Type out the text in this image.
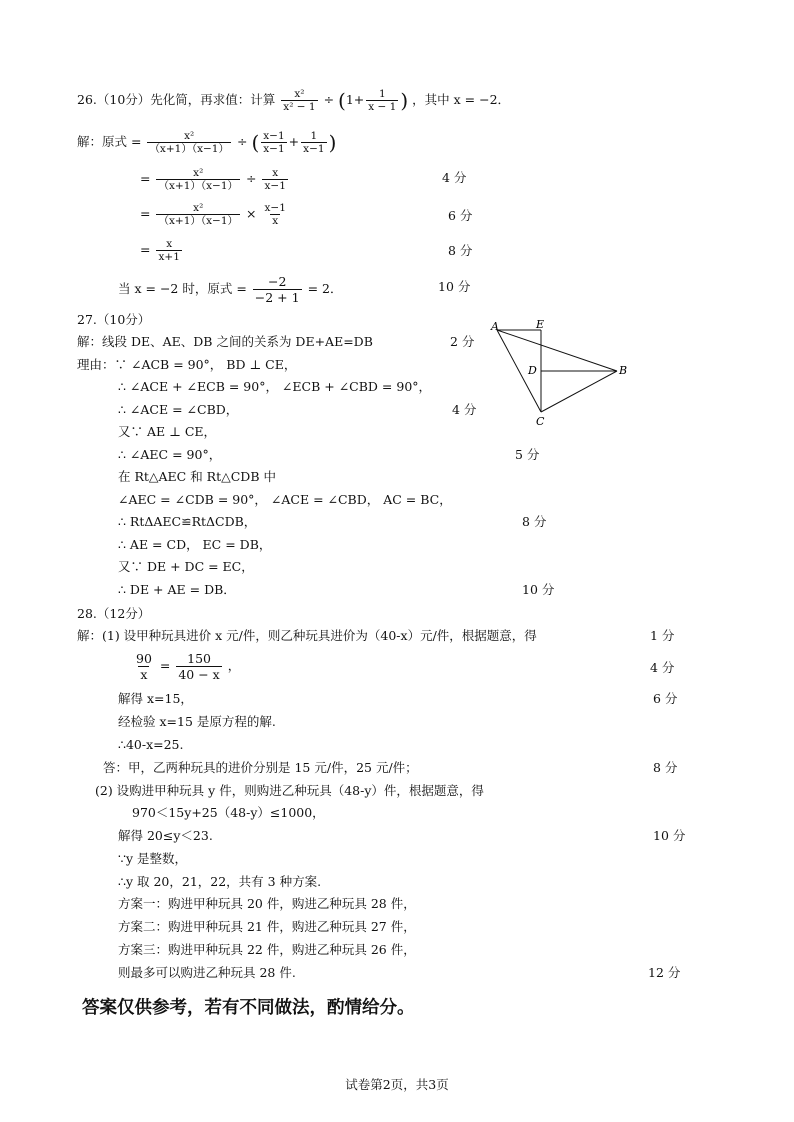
26.（10分）先化简，再求值：计算 $\frac{\text{x²}}{\text{x² − 1}} \div (1+ \frac{1}{x - 1}$ ) ，其中 x = −2．
解：原式 = $\frac{\text{x²}}{(x+1)(x-1)}$ ÷ ( $\frac{x-1}{x-1} + \frac{1}{x-1}$ )
= $\frac{\text{x²}}{(x+1)(x-1)} \div \frac{x}{x-1}$	4 分
= $\frac{\text{x²}}{(x+1)(x-1)} \times \frac{x-1}{x}$	6 分
= $\frac{x}{x+1}$	8 分
当 x = −2 时，原式 = $\frac{-2}{-2 + 1} = 2$．	10 分
27.（10分）
解：线段 DE、AE、DB 之间的关系为 DE+AE=DB	2 分
理由：∵ ∠ACB = 90°， BD ⊥ CE，
∴ ∠ACE + ∠ECB = 90°， ∠ECB + ∠CBD = 90°，
∴ ∠ACE = ∠CBD，	4 分
又∵ AE ⊥ CE，
∴ ∠AEC = 90°，	5 分
在 Rt△AEC 和 Rt△CDB 中
∠AEC = ∠CDB = 90°， ∠ACE = ∠CBD， AC = BC，
∴ RtΔAEC≌RtΔCDB，	8 分
∴ AE = CD， EC = DB，
又∵ DE + DC = EC，
∴ DE + AE = DB．	10 分
A	E
D	B
C
28.（12分）
解：(1) 设甲种玩具进价 x 元/件，则乙种玩具进价为（40-x）元/件，根据题意，得	1 分
$\frac{90}{x} = \frac{150}{40 - x}$ ，	4 分
解得 x=15，	6 分
经检验 x=15 是原方程的解.
∴40-x=25.
答：甲，乙两种玩具的进价分别是 15 元/件，25 元/件；	8 分
(2) 设购进甲种玩具 y 件，则购进乙种玩具（48-y）件，根据题意，得
970＜15y+25（48-y）≤1000，
解得 20≤y＜23.	10 分
∵y 是整数，
∴y 取 20，21，22，共有 3 种方案.
方案一：购进甲种玩具 20 件，购进乙种玩具 28 件，
方案二：购进甲种玩具 21 件，购进乙种玩具 27 件，
方案三：购进甲种玩具 22 件，购进乙种玩具 26 件，
则最多可以购进乙种玩具 28 件.	12 分
答案仅供参考，若有不同做法，酌情给分。
试卷第2页，共3页
